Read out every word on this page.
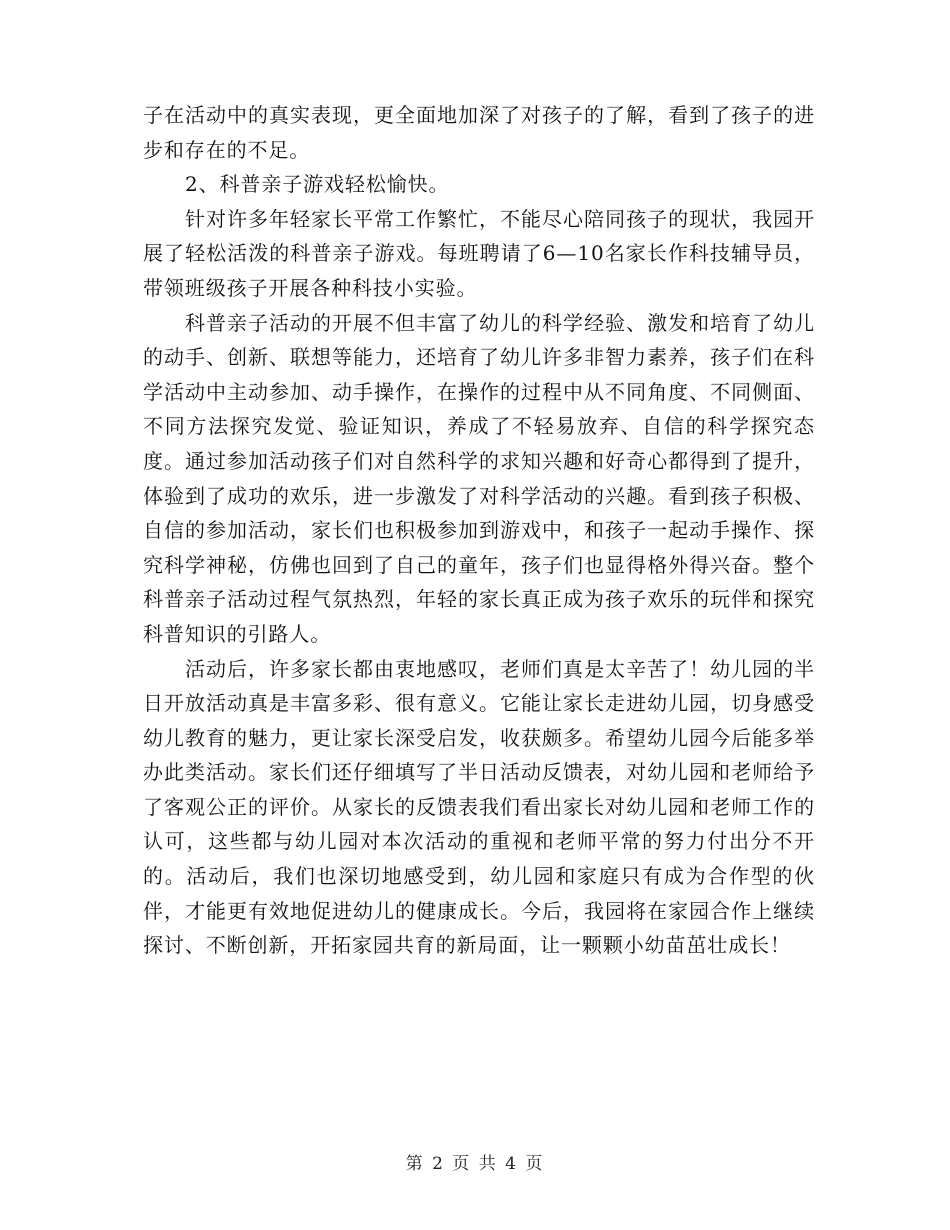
子在活动中的真实表现，更全面地加深了对孩子的了解，看到了孩子的进步和存在的不足。

2、科普亲子游戏轻松愉快。

针对许多年轻家长平常工作繁忙，不能尽心陪同孩子的现状，我园开展了轻松活泼的科普亲子游戏。每班聘请了6—10名家长作科技辅导员，带领班级孩子开展各种科技小实验。

科普亲子活动的开展不但丰富了幼儿的科学经验、激发和培育了幼儿的动手、创新、联想等能力，还培育了幼儿许多非智力素养，孩子们在科学活动中主动参加、动手操作，在操作的过程中从不同角度、不同侧面、不同方法探究发觉、验证知识，养成了不轻易放弃、自信的科学探究态度。通过参加活动孩子们对自然科学的求知兴趣和好奇心都得到了提升，体验到了成功的欢乐，进一步激发了对科学活动的兴趣。看到孩子积极、自信的参加活动，家长们也积极参加到游戏中，和孩子一起动手操作、探究科学神秘，仿佛也回到了自己的童年，孩子们也显得格外得兴奋。整个科普亲子活动过程气氛热烈，年轻的家长真正成为孩子欢乐的玩伴和探究科普知识的引路人。

活动后，许多家长都由衷地感叹，老师们真是太辛苦了！幼儿园的半日开放活动真是丰富多彩、很有意义。它能让家长走进幼儿园，切身感受幼儿教育的魅力，更让家长深受启发，收获颇多。希望幼儿园今后能多举办此类活动。家长们还仔细填写了半日活动反馈表，对幼儿园和老师给予了客观公正的评价。从家长的反馈表我们看出家长对幼儿园和老师工作的认可，这些都与幼儿园对本次活动的重视和老师平常的努力付出分不开的。活动后，我们也深切地感受到，幼儿园和家庭只有成为合作型的伙伴，才能更有效地促进幼儿的健康成长。今后，我园将在家园合作上继续探讨、不断创新，开拓家园共育的新局面，让一颗颗小幼苗茁壮成长！

第 2 页 共 4 页
